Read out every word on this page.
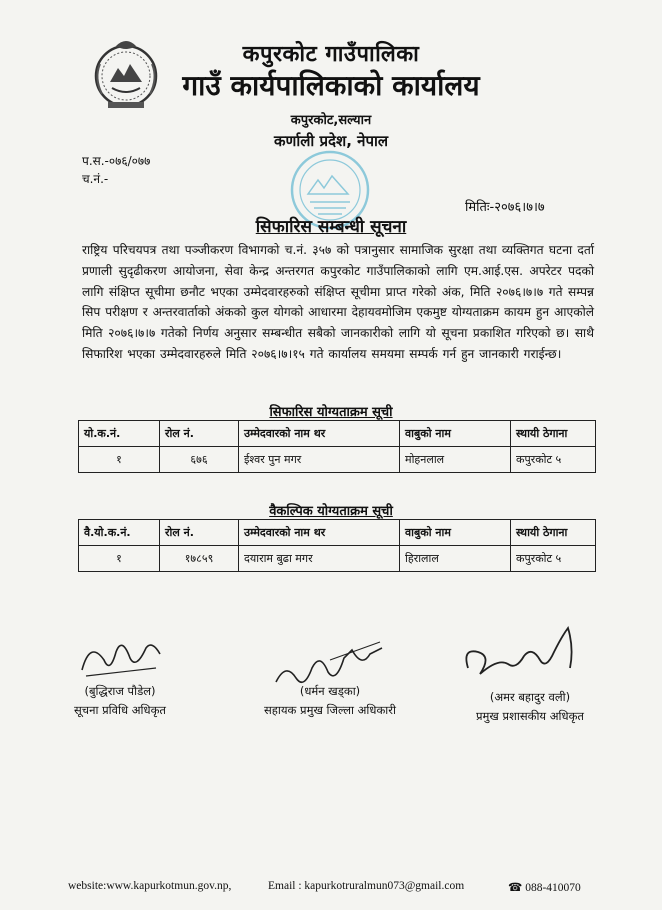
कपुरकोट गाउँपालिका
गाउँ कार्यपालिकाको कार्यालय
कपुरकोट,सल्यान
कर्णाली प्रदेश, नेपाल
प.स.-०७६/०७७
च.नं.-
मितिः-२०७६।७।७
सिफारिस सम्बन्धी सूचना
राष्ट्रिय परिचयपत्र तथा पञ्जीकरण विभागको च.नं. ३५७ को पत्रानुसार सामाजिक सुरक्षा तथा व्यक्तिगत घटना दर्ता प्रणाली सुदृढीकरण आयोजना, सेवा केन्द्र अन्तरगत कपुरकोट गाउँपालिकाको लागि एम.आई.एस. अपरेटर पदको लागि संक्षिप्त सूचीमा छनौट भएका उम्मेदवारहरुको संक्षिप्त सूचीमा प्राप्त गरेको अंक, मिति २०७६।७।७ गते सम्पन्न सिप परीक्षण र अन्तरवार्ताको अंकको कुल योगको आधारमा देहायवमोजिम एकमुष्ट योग्यताक्रम कायम हुन आएकोले मिति २०७६।७।७ गतेको निर्णय अनुसार सम्बन्धीत सबैको जानकारीको लागि यो सूचना प्रकाशित गरिएको छ। साथै सिफारिश भएका उम्मेदवारहरुले मिति २०७६।७।१५ गते कार्यालय समयमा सम्पर्क गर्न हुन जानकारी गराईन्छ।
सिफारिस योग्यताक्रम सूची
यो.क.नं.	रोल नं.	उम्मेदवारको नाम थर	वाबुको नाम	स्थायी ठेगाना
१	६७६	ईश्वर पुन मगर	मोहनलाल	कपुरकोट ५
वैकल्पिक योग्यताक्रम सूची
वै.यो.क.नं.	रोल नं.	उम्मेदवारको नाम थर	वाबुको नाम	स्थायी ठेगाना
१	१७८५९	दयाराम बुढा मगर	हिरालाल	कपुरकोट ५
(बुद्धिराज पौडेल)
सूचना प्रविधि अधिकृत
(धर्मन खड्का)
सहायक प्रमुख जिल्ला अधिकारी
(अमर बहादुर वली)
प्रमुख प्रशासकीय अधिकृत
website:www.kapurkotmun.gov.np,	Email : kapurkotruralmun073@gmail.com	☎ 088-410070
